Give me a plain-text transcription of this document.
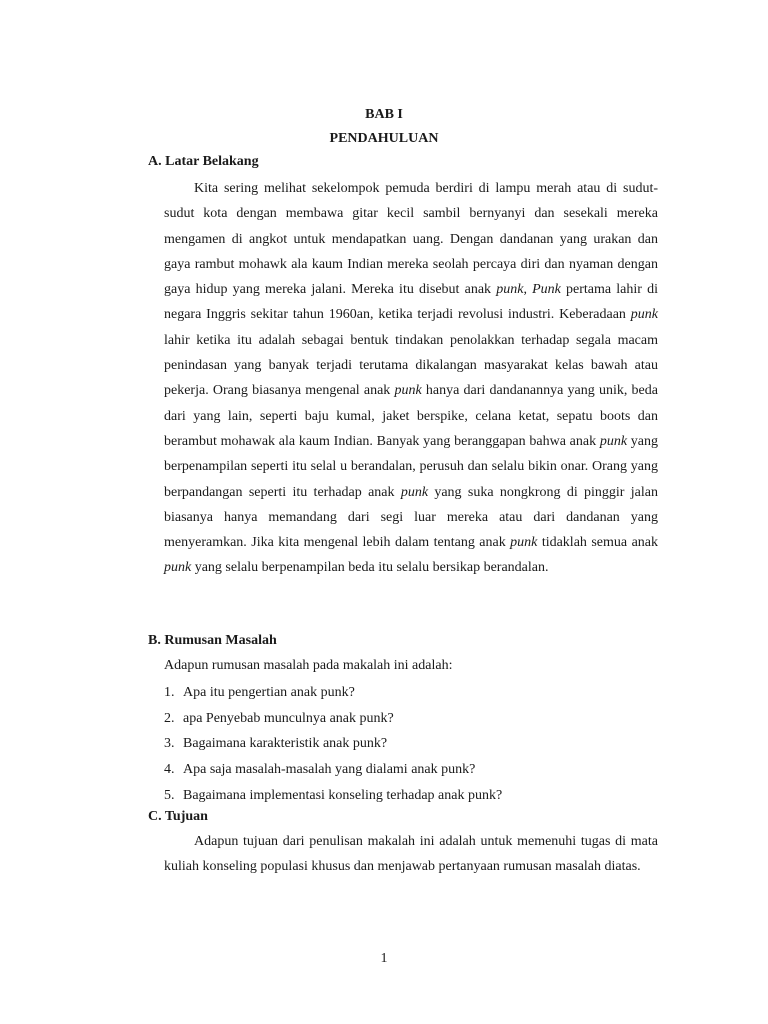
BAB I
PENDAHULUAN
A. Latar Belakang

Kita sering melihat sekelompok pemuda berdiri di lampu merah atau di sudut- sudut kota dengan membawa gitar kecil sambil bernyanyi dan sesekali mereka mengamen di angkot untuk mendapatkan uang. Dengan dandanan yang urakan dan gaya rambut mohawk ala kaum Indian mereka seolah percaya diri dan nyaman dengan gaya hidup yang mereka jalani. Mereka itu disebut anak punk, Punk pertama lahir di negara Inggris sekitar tahun 1960an, ketika terjadi revolusi industri. Keberadaan punk lahir ketika itu adalah sebagai bentuk tindakan penolakkan terhadap segala macam penindasan yang banyak terjadi terutama dikalangan masyarakat kelas bawah atau pekerja. Orang biasanya mengenal anak punk hanya dari dandanannya yang unik, beda dari yang lain, seperti baju kumal, jaket berspike, celana ketat, sepatu boots dan berambut mohawak ala kaum Indian. Banyak yang beranggapan bahwa anak punk yang berpenampilan seperti itu selal u berandalan, perusuh dan selalu bikin onar. Orang yang berpandangan seperti itu terhadap anak punk yang suka nongkrong di pinggir jalan biasanya hanya memandang dari segi luar mereka atau dari dandanan yang menyeramkan. Jika kita mengenal lebih dalam tentang anak punk tidaklah semua anak punk yang selalu berpenampilan beda itu selalu bersikap berandalan.

B. Rumusan Masalah
Adapun rumusan masalah pada makalah ini adalah:
1. Apa itu pengertian anak punk?
2. apa Penyebab munculnya anak punk?
3. Bagaimana karakteristik anak punk?
4. Apa saja masalah-masalah yang dialami anak punk?
5. Bagaimana implementasi konseling terhadap anak punk?
C. Tujuan

Adapun tujuan dari penulisan makalah ini adalah untuk memenuhi tugas di mata kuliah konseling populasi khusus dan menjawab pertanyaan rumusan masalah diatas.

1
